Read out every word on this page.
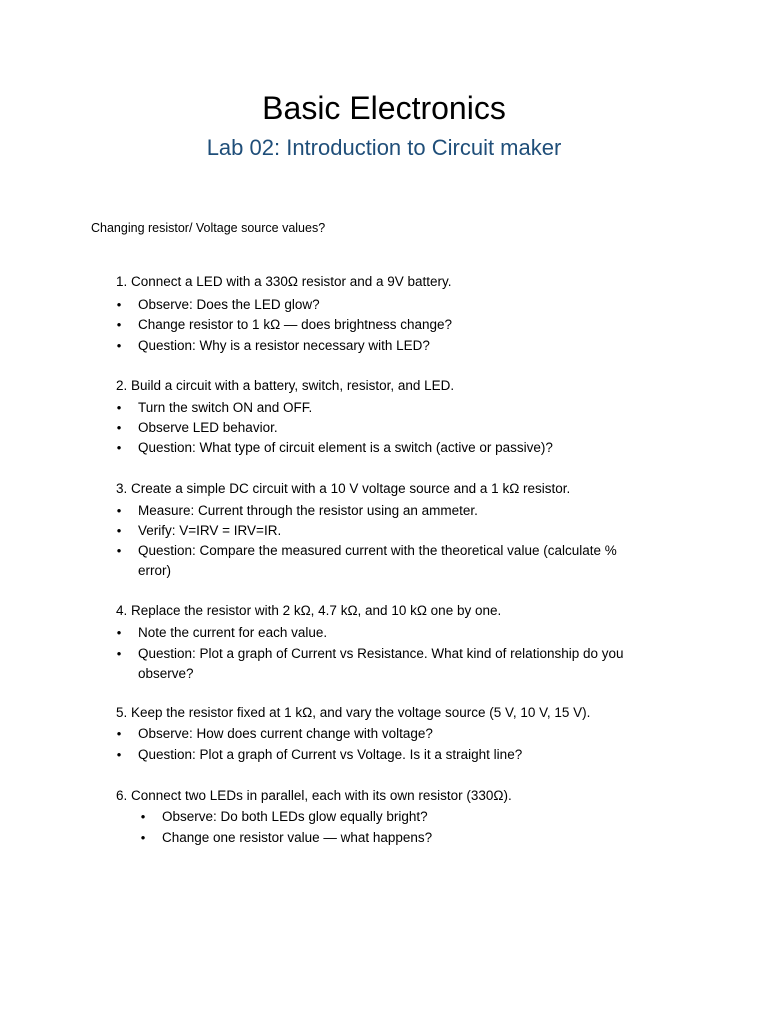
Basic Electronics
Lab 02: Introduction to Circuit maker
Changing resistor/ Voltage source values?
1. Connect a LED with a 330Ω resistor and a 9V battery.
• Observe: Does the LED glow?
• Change resistor to 1 kΩ — does brightness change?
• Question: Why is a resistor necessary with LED?
2. Build a circuit with a battery, switch, resistor, and LED.
• Turn the switch ON and OFF.
• Observe LED behavior.
• Question: What type of circuit element is a switch (active or passive)?
3. Create a simple DC circuit with a 10 V voltage source and a 1 kΩ resistor.
• Measure: Current through the resistor using an ammeter.
• Verify: V=IRV = IRV=IR.
• Question: Compare the measured current with the theoretical value (calculate % error)
4. Replace the resistor with 2 kΩ, 4.7 kΩ, and 10 kΩ one by one.
• Note the current for each value.
• Question: Plot a graph of Current vs Resistance. What kind of relationship do you observe?
5. Keep the resistor fixed at 1 kΩ, and vary the voltage source (5 V, 10 V, 15 V).
• Observe: How does current change with voltage?
• Question: Plot a graph of Current vs Voltage. Is it a straight line?
6. Connect two LEDs in parallel, each with its own resistor (330Ω).
• Observe: Do both LEDs glow equally bright?
• Change one resistor value — what happens?
